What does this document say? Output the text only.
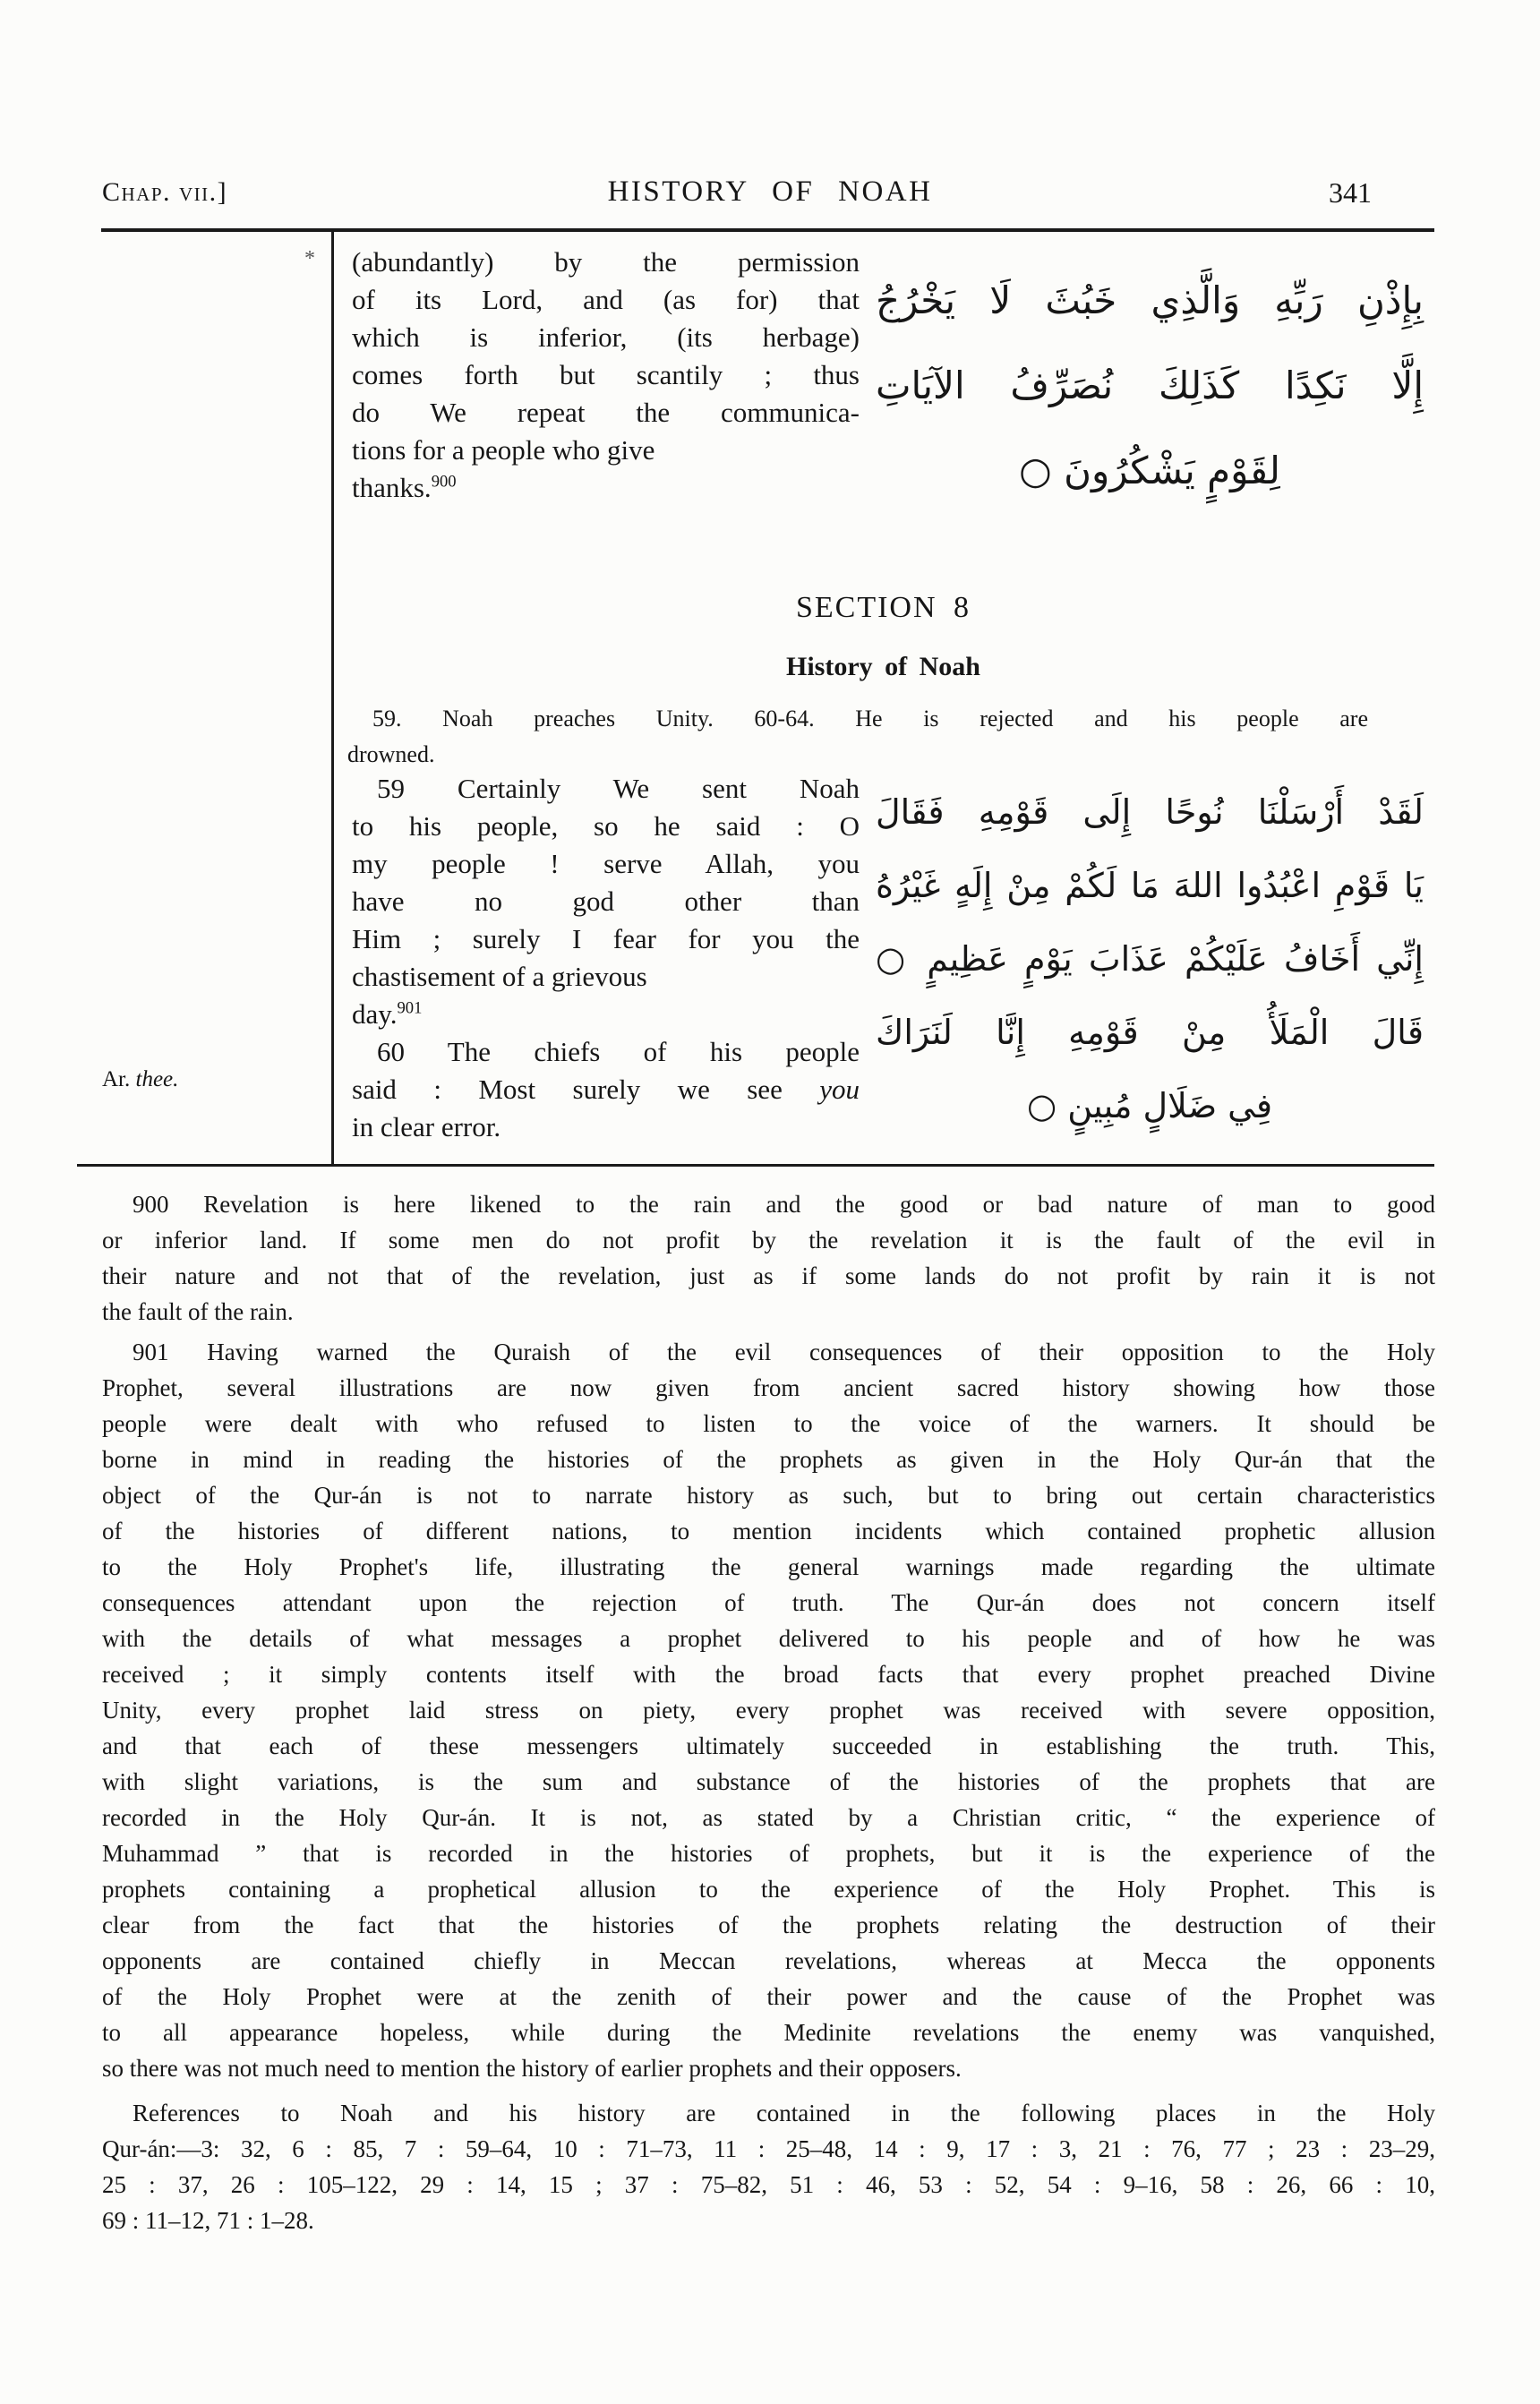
Chap. vii.]	HISTORY OF NOAH	341
* (abundantly) by the permission
of its Lord, and (as for) that
which is inferior, (its herbage)
comes forth but scantily ; thus
do We repeat the communica-
tions for a people who give
thanks.$^{900}$
بِإِذْنِ رَبِّهِ وَالَّذِي خَبُثَ لَا يَخْرُجُ
إِلَّا نَكِدًا كَذَلِكَ نُصَرِّفُ الآيَاتِ
لِقَوْمٍ يَشْكُرُونَ ○
SECTION 8
History of Noah
59. Noah preaches Unity. 60-64. He is rejected and his people are
drowned.
59 Certainly We sent Noah
to his people, so he said : O
my people ! serve Allah, you
have no god other than
Him ; surely I fear for you the
chastisement of a grievous
day.$^{901}$
60 The chiefs of his people
said : Most surely we see you
in clear error.
لَقَدْ أَرْسَلْنَا نُوحًا إِلَى قَوْمِهِ فَقَالَ
يَا قَوْمِ اعْبُدُوا اللهَ مَا لَكُمْ مِنْ إِلَهٍ غَيْرُهُ
إِنِّي أَخَافُ عَلَيْكُمْ عَذَابَ يَوْمٍ عَظِيمٍ ○
قَالَ الْمَلَأُ مِنْ قَوْمِهِ إِنَّا لَنَرَاكَ
فِي ضَلَالٍ مُبِينٍ ○
Ar. thee.
900 Revelation is here likened to the rain and the good or bad nature of man to good
or inferior land. If some men do not profit by the revelation it is the fault of the evil in
their nature and not that of the revelation, just as if some lands do not profit by rain it is not
the fault of the rain.
901 Having warned the Quraish of the evil consequences of their opposition to the Holy
Prophet, several illustrations are now given from ancient sacred history showing how those
people were dealt with who refused to listen to the voice of the warners. It should be
borne in mind in reading the histories of the prophets as given in the Holy Qur-án that the
object of the Qur-án is not to narrate history as such, but to bring out certain characteristics
of the histories of different nations, to mention incidents which contained prophetic allusion
to the Holy Prophet's life, illustrating the general warnings made regarding the ultimate
consequences attendant upon the rejection of truth. The Qur-án does not concern itself
with the details of what messages a prophet delivered to his people and of how he was
received ; it simply contents itself with the broad facts that every prophet preached Divine
Unity, every prophet laid stress on piety, every prophet was received with severe opposition,
and that each of these messengers ultimately succeeded in establishing the truth. This,
with slight variations, is the sum and substance of the histories of the prophets that are
recorded in the Holy Qur-án. It is not, as stated by a Christian critic, “ the experience of
Muhammad ” that is recorded in the histories of prophets, but it is the experience of the
prophets containing a prophetical allusion to the experience of the Holy Prophet. This is
clear from the fact that the histories of the prophets relating the destruction of their
opponents are contained chiefly in Meccan revelations, whereas at Mecca the opponents
of the Holy Prophet were at the zenith of their power and the cause of the Prophet was
to all appearance hopeless, while during the Medinite revelations the enemy was vanquished,
so there was not much need to mention the history of earlier prophets and their opposers.
References to Noah and his history are contained in the following places in the Holy
Qur-án:—3: 32, 6 : 85, 7 : 59–64, 10 : 71–73, 11 : 25–48, 14 : 9, 17 : 3, 21 : 76, 77 ; 23 : 23–29,
25 : 37, 26 : 105–122, 29 : 14, 15 ; 37 : 75–82, 51 : 46, 53 : 52, 54 : 9–16, 58 : 26, 66 : 10,
69 : 11–12, 71 : 1–28.
